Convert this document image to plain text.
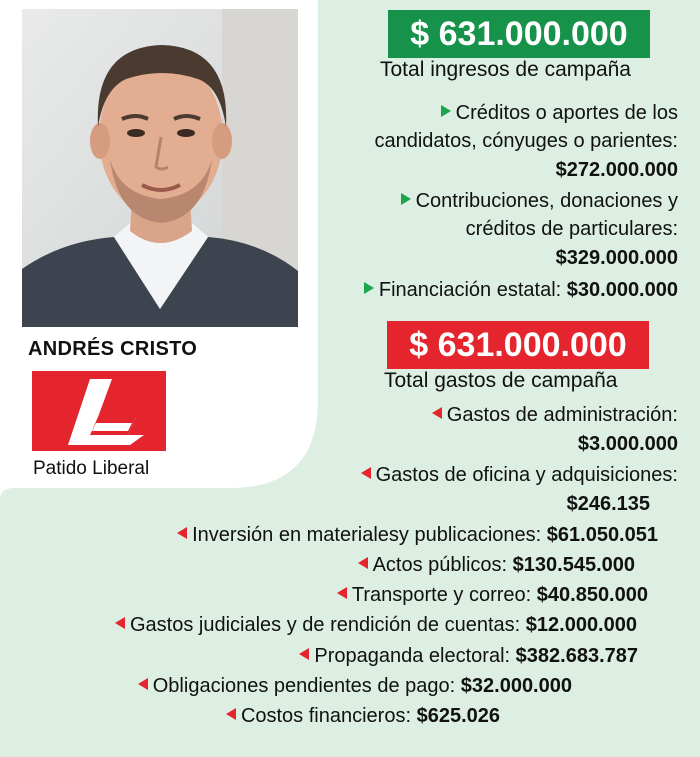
ANDRÉS CRISTO
Patido Liberal
$ 631.000.000
Total ingresos de campaña
Créditos o aportes de los
candidatos, cónyuges o parientes:
$272.000.000
Contribuciones, donaciones y
créditos de particulares:
$329.000.000
Financiación estatal: $30.000.000
$ 631.000.000
Total gastos de campaña
Gastos de administración:
$3.000.000
Gastos de oficina y adquisiciones:
$246.135
Inversión en materialesy publicaciones: $61.050.051
Actos públicos: $130.545.000
Transporte y correo: $40.850.000
Gastos judiciales y de rendición de cuentas: $12.000.000
Propaganda electoral: $382.683.787
Obligaciones pendientes de pago: $32.000.000
Costos financieros: $625.026
